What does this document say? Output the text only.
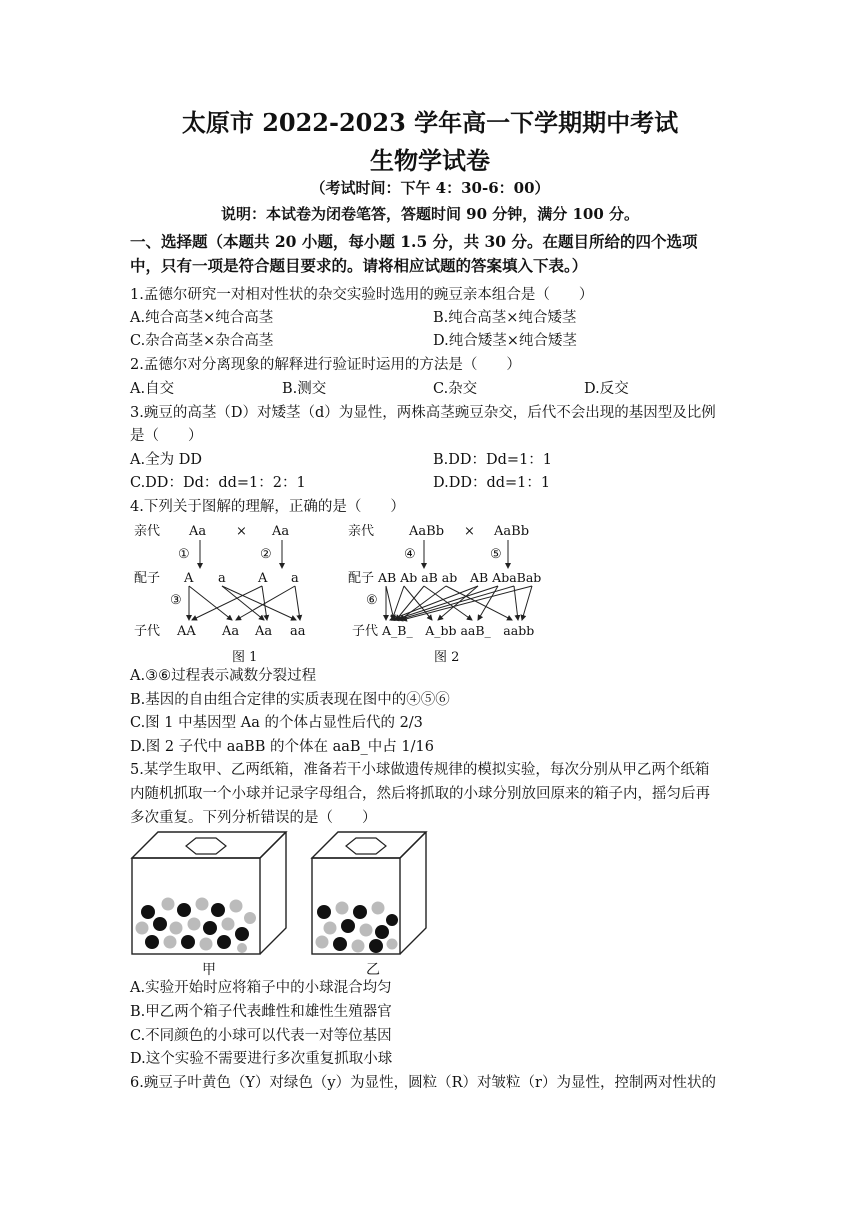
太原市 2022-2023 学年高一下学期期中考试
生物学试卷
（考试时间：下午 4：30-6：00）
说明：本试卷为闭卷笔答，答题时间 90 分钟，满分 100 分。
一、选择题（本题共 20 小题，每小题 1.5 分，共 30 分。在题目所给的四个选项
中，只有一项是符合题目要求的。请将相应试题的答案填入下表。）
1.孟德尔研究一对相对性状的杂交实验时选用的豌豆亲本组合是（　　）
A.纯合高茎×纯合高茎	B.纯合高茎×纯合矮茎
C.杂合高茎×杂合高茎	D.纯合矮茎×纯合矮茎
2.孟德尔对分离现象的解释进行验证时运用的方法是（　　）
A.自交	B.测交	C.杂交	D.反交
3.豌豆的高茎（D）对矮茎（d）为显性，两株高茎豌豆杂交，后代不会出现的基因型及比例
是（　　）
A.全为 DD	B.DD：Dd=1：1
C.DD：Dd：dd=1：2：1	D.DD：dd=1：1
4.下列关于图解的理解，正确的是（　　）
亲代 Aa × Aa
①	②
配子 A a A a
③
子代 AA Aa Aa aa
图 1
亲代	AaBb × AaBb
④	⑤
配子 AB Ab aB ab AB AbaBab
⑥
子代 A_B_　A_bb aaB_　aabb
图 2
A.③⑥过程表示减数分裂过程
B.基因的自由组合定律的实质表现在图中的④⑤⑥
C.图 1 中基因型 Aa 的个体占显性后代的 2/3
D.图 2 子代中 aaBB 的个体在 aaB_中占 1/16
5.某学生取甲、乙两纸箱，准备若干小球做遗传规律的模拟实验，每次分别从甲乙两个纸箱
内随机抓取一个小球并记录字母组合，然后将抓取的小球分别放回原来的箱子内，摇匀后再
多次重复。下列分析错误的是（　　）
甲	乙
A.实验开始时应将箱子中的小球混合均匀
B.甲乙两个箱子代表雌性和雄性生殖器官
C.不同颜色的小球可以代表一对等位基因
D.这个实验不需要进行多次重复抓取小球
6.豌豆子叶黄色（Y）对绿色（y）为显性，圆粒（R）对皱粒（r）为显性，控制两对性状的
